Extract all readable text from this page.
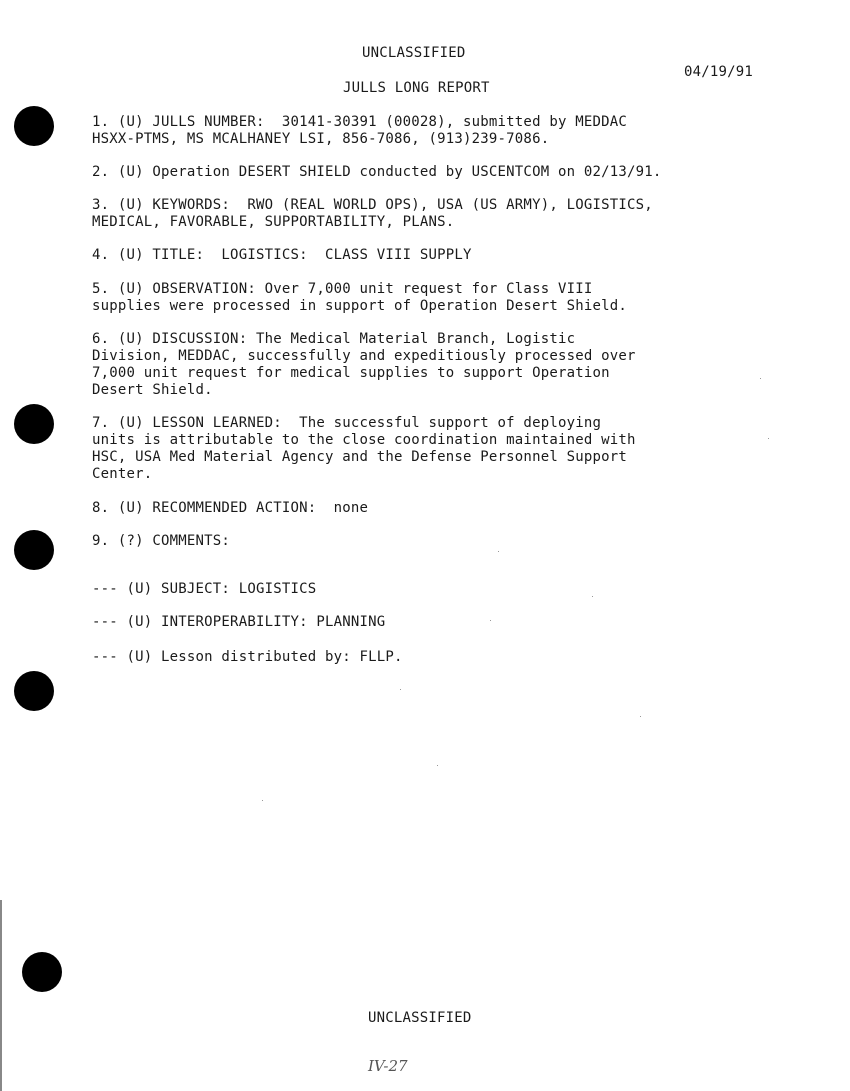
UNCLASSIFIED
04/19/91
JULLS LONG REPORT
1. (U) JULLS NUMBER:  30141-30391 (00028), submitted by MEDDAC
HSXX-PTMS, MS MCALHANEY LSI, 856-7086, (913)239-7086.
2. (U) Operation DESERT SHIELD conducted by USCENTCOM on 02/13/91.
3. (U) KEYWORDS:  RWO (REAL WORLD OPS), USA (US ARMY), LOGISTICS,
MEDICAL, FAVORABLE, SUPPORTABILITY, PLANS.
4. (U) TITLE:  LOGISTICS:  CLASS VIII SUPPLY
5. (U) OBSERVATION: Over 7,000 unit request for Class VIII
supplies were processed in support of Operation Desert Shield.
6. (U) DISCUSSION: The Medical Material Branch, Logistic
Division, MEDDAC, successfully and expeditiously processed over
7,000 unit request for medical supplies to support Operation
Desert Shield.
7. (U) LESSON LEARNED:  The successful support of deploying
units is attributable to the close coordination maintained with
HSC, USA Med Material Agency and the Defense Personnel Support
Center.
8. (U) RECOMMENDED ACTION:  none
9. (?) COMMENTS:
--- (U) SUBJECT: LOGISTICS
--- (U) INTEROPERABILITY: PLANNING
--- (U) Lesson distributed by: FLLP.
UNCLASSIFIED
IV-27
